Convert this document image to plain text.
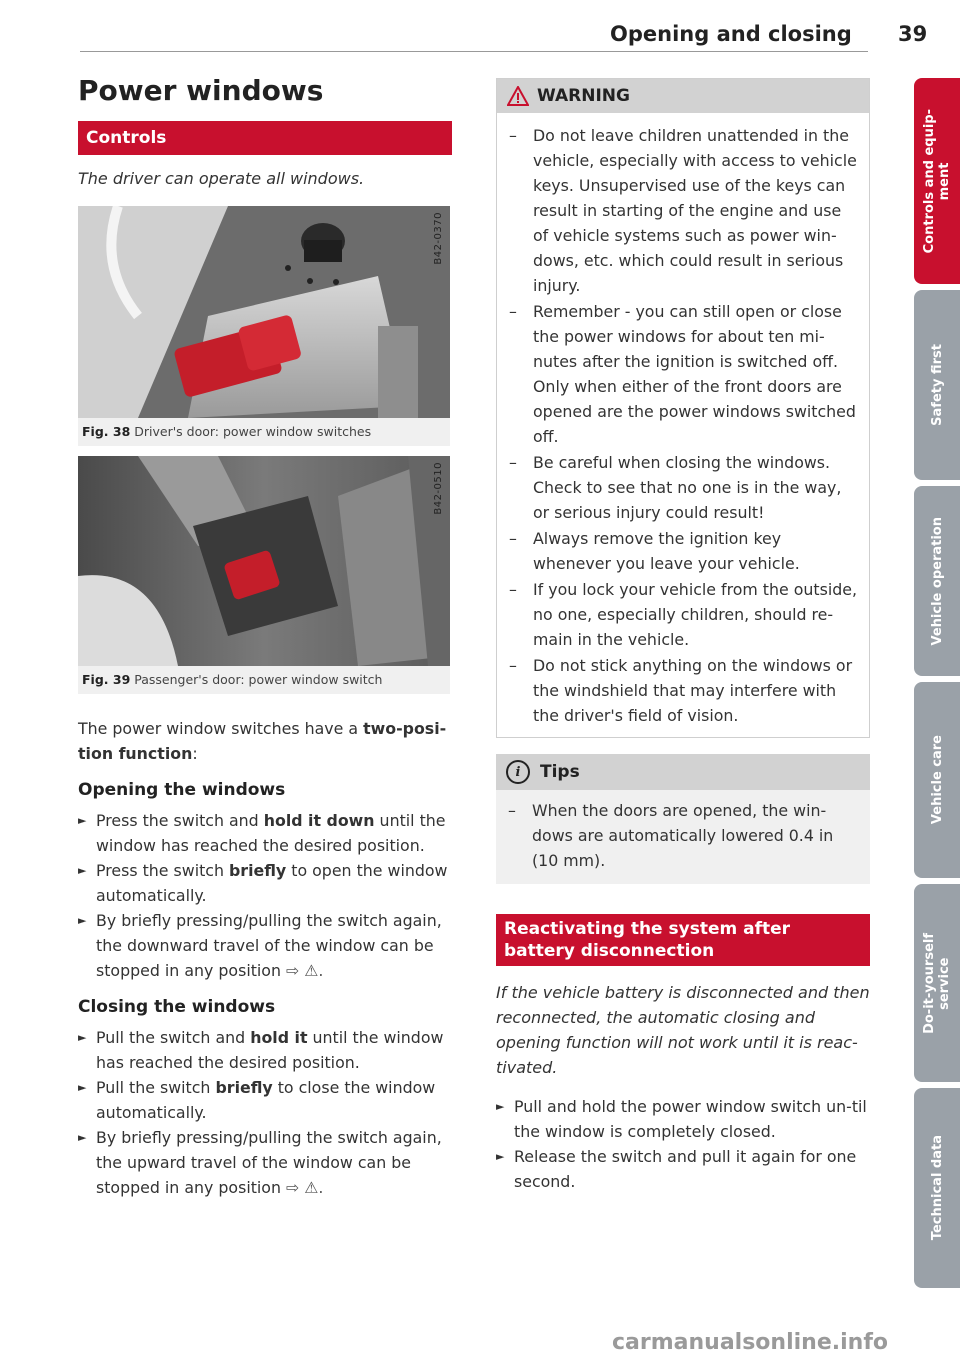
Opening and closing 39
Power windows
Controls
The driver can operate all windows.
B42-0370
Fig. 38 Driver's door: power window switches
B42-0510
Fig. 39 Passenger's door: power window switch

The power window switches have a two-posi-tion function:

Opening the windows
► Press the switch and hold it down until the window has reached the desired position.
► Press the switch briefly to open the window automatically.
► By briefly pressing/pulling the switch again, the downward travel of the window can be stopped in any position ⇨ ⚠.
Closing the windows
► Pull the switch and hold it until the window has reached the desired position.
► Pull the switch briefly to close the window automatically.
► By briefly pressing/pulling the switch again, the upward travel of the window can be stopped in any position ⇨ ⚠.
WARNING
– Do not leave children unattended in the vehicle, especially with access to vehicle keys. Unsupervised use of the keys can result in starting of the engine and use of vehicle systems such as power win-dows, etc. which could result in serious injury.
– Remember - you can still open or close the power windows for about ten mi-nutes after the ignition is switched off. Only when either of the front doors are opened are the power windows switched off.
– Be careful when closing the windows. Check to see that no one is in the way, or serious injury could result!
– Always remove the ignition key whenever you leave your vehicle.
– If you lock your vehicle from the outside, no one, especially children, should re-main in the vehicle.
– Do not stick anything on the windows or the windshield that may interfere with the driver's field of vision.
i	Tips
– When the doors are opened, the win-dows are automatically lowered 0.4 in (10 mm).
Reactivating the system after battery disconnection

If the vehicle battery is disconnected and then reconnected, the automatic closing and opening function will not work until it is reac-tivated.

► Pull and hold the power window switch un-til the window is completely closed.
► Release the switch and pull it again for one second.
Controls and equip-
ment
Safety first
Vehicle operation
Vehicle care
Do-it-yourself
service
Technical data
carmanualsonline.info
